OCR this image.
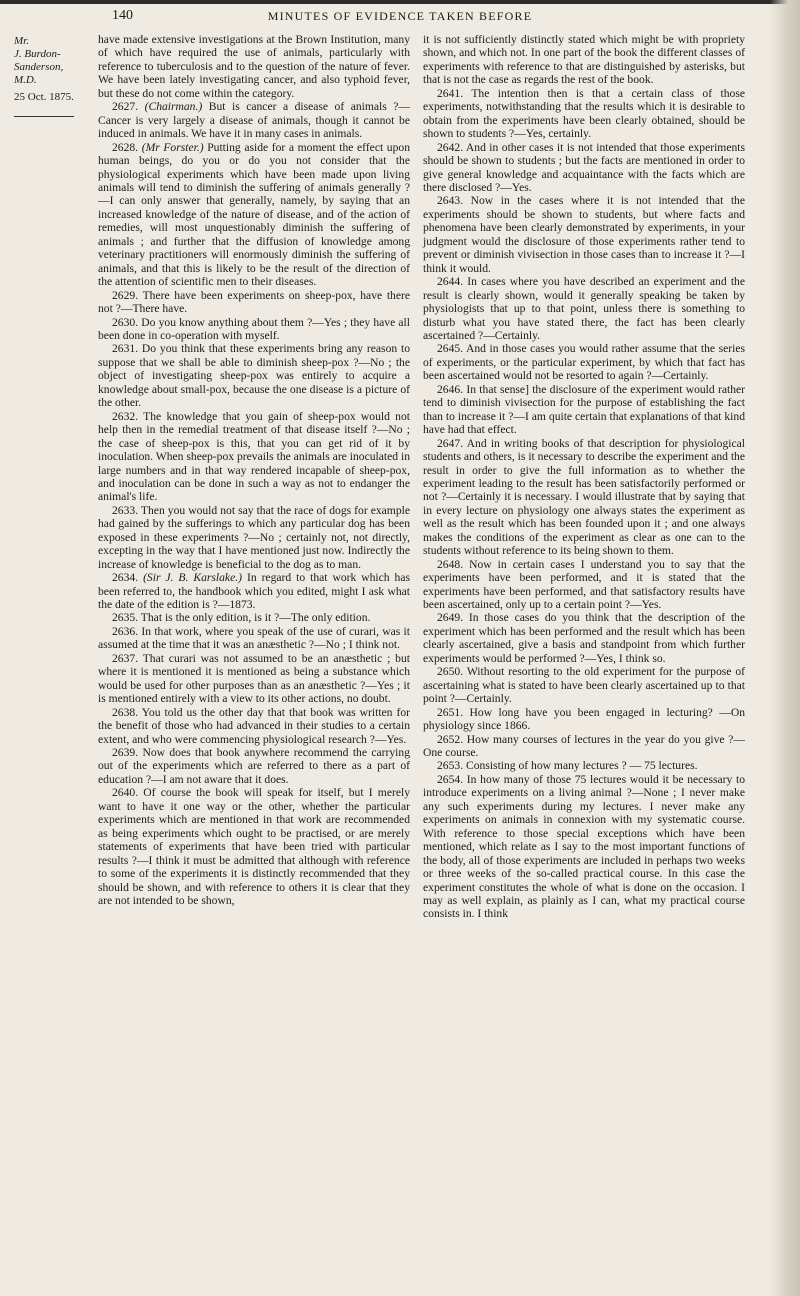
140	MINUTES OF EVIDENCE TAKEN BEFORE
Mr.
J. Burdon-
Sanderson,
M.D.
25 Oct. 1875.

have made extensive investigations at the Brown Institution, many of which have required the use of animals, particularly with reference to tuberculosis and to the question of the nature of fever. We have been lately investigating cancer, and also typhoid fever, but these do not come within the category.

2627. (Chairman.) But is cancer a disease of animals ?—Cancer is very largely a disease of animals, though it cannot be induced in animals. We have it in many cases in animals.

2628. (Mr Forster.) Putting aside for a moment the effect upon human beings, do you or do you not consider that the physiological experiments which have been made upon living animals will tend to diminish the suffering of animals generally ?—I can only answer that generally, namely, by saying that an increased knowledge of the nature of disease, and of the action of remedies, will most unquestionably diminish the suffering of animals ; and further that the diffusion of knowledge among veterinary practitioners will enormously diminish the suffering of animals, and that this is likely to be the result of the direction of the attention of scientific men to their diseases.

2629. There have been experiments on sheep-pox, have there not ?—There have.

2630. Do you know anything about them ?—Yes ; they have all been done in co-operation with myself.

2631. Do you think that these experiments bring any reason to suppose that we shall be able to diminish sheep-pox ?—No ; the object of investigating sheep-pox was entirely to acquire a knowledge about small-pox, because the one disease is a picture of the other.

2632. The knowledge that you gain of sheep-pox would not help then in the remedial treatment of that disease itself ?—No ; the case of sheep-pox is this, that you can get rid of it by inoculation. When sheep-pox prevails the animals are inoculated in large numbers and in that way rendered incapable of sheep-pox, and inoculation can be done in such a way as not to endanger the animal's life.

2633. Then you would not say that the race of dogs for example had gained by the sufferings to which any particular dog has been exposed in these experiments ?—No ; certainly not, not directly, excepting in the way that I have mentioned just now. Indirectly the increase of knowledge is beneficial to the dog as to man.

2634. (Sir J. B. Karslake.) In regard to that work which has been referred to, the handbook which you edited, might I ask what the date of the edition is ?—1873.

2635. That is the only edition, is it ?—The only edition.

2636. In that work, where you speak of the use of curari, was it assumed at the time that it was an anæsthetic ?—No ; I think not.

2637. That curari was not assumed to be an anæsthetic ; but where it is mentioned it is mentioned as being a substance which would be used for other purposes than as an anæsthetic ?—Yes ; it is mentioned entirely with a view to its other actions, no doubt.

2638. You told us the other day that that book was written for the benefit of those who had advanced in their studies to a certain extent, and who were commencing physiological research ?—Yes.

2639. Now does that book anywhere recommend the carrying out of the experiments which are referred to there as a part of education ?—I am not aware that it does.

2640. Of course the book will speak for itself, but I merely want to have it one way or the other, whether the particular experiments which are mentioned in that work are recommended as being experiments which ought to be practised, or are merely statements of experiments that have been tried with particular results ?—I think it must be admitted that although with reference to some of the experiments it is distinctly recommended that they should be shown, and with reference to others it is clear that they are not intended to be shown,

it is not sufficiently distinctly stated which might be with propriety shown, and which not. In one part of the book the different classes of experiments with reference to that are distinguished by asterisks, but that is not the case as regards the rest of the book.

2641. The intention then is that a certain class of those experiments, notwithstanding that the results which it is desirable to obtain from the experiments have been clearly obtained, should be shown to students ?—Yes, certainly.

2642. And in other cases it is not intended that those experiments should be shown to students ; but the facts are mentioned in order to give general knowledge and acquaintance with the facts which are there disclosed ?—Yes.

2643. Now in the cases where it is not intended that the experiments should be shown to students, but where facts and phenomena have been clearly demonstrated by experiments, in your judgment would the disclosure of those experiments rather tend to prevent or diminish vivisection in those cases than to increase it ?—I think it would.

2644. In cases where you have described an experiment and the result is clearly shown, would it generally speaking be taken by physiologists that up to that point, unless there is something to disturb what you have stated there, the fact has been clearly ascertained ?—Certainly.

2645. And in those cases you would rather assume that the series of experiments, or the particular experiment, by which that fact has been ascertained would not be resorted to again ?—Certainly.

2646. In that sense] the disclosure of the experiment would rather tend to diminish vivisection for the purpose of establishing the fact than to increase it ?—I am quite certain that explanations of that kind have had that effect.

2647. And in writing books of that description for physiological students and others, is it necessary to describe the experiment and the result in order to give the full information as to whether the experiment leading to the result has been satisfactorily performed or not ?—Certainly it is necessary. I would illustrate that by saying that in every lecture on physiology one always states the experiment as well as the result which has been founded upon it ; and one always makes the conditions of the experiment as clear as one can to the students without reference to its being shown to them.

2648. Now in certain cases I understand you to say that the experiments have been performed, and it is stated that the experiments have been performed, and that satisfactory results have been ascertained, only up to a certain point ?—Yes.

2649. In those cases do you think that the description of the experiment which has been performed and the result which has been clearly ascertained, give a basis and standpoint from which further experiments would be performed ?—Yes, I think so.

2650. Without resorting to the old experiment for the purpose of ascertaining what is stated to have been clearly ascertained up to that point ?—Certainly.

2651. How long have you been engaged in lecturing? —On physiology since 1866.

2652. How many courses of lectures in the year do you give ?—One course.

2653. Consisting of how many lectures ? — 75 lectures.

2654. In how many of those 75 lectures would it be necessary to introduce experiments on a living animal ?—None ; I never make any such experiments during my lectures. I never make any experiments on animals in connexion with my systematic course. With reference to those special exceptions which have been mentioned, which relate as I say to the most important functions of the body, all of those experiments are included in perhaps two weeks or three weeks of the so-called practical course. In this case the experiment constitutes the whole of what is done on the occasion. I may as well explain, as plainly as I can, what my practical course consists in. I think
